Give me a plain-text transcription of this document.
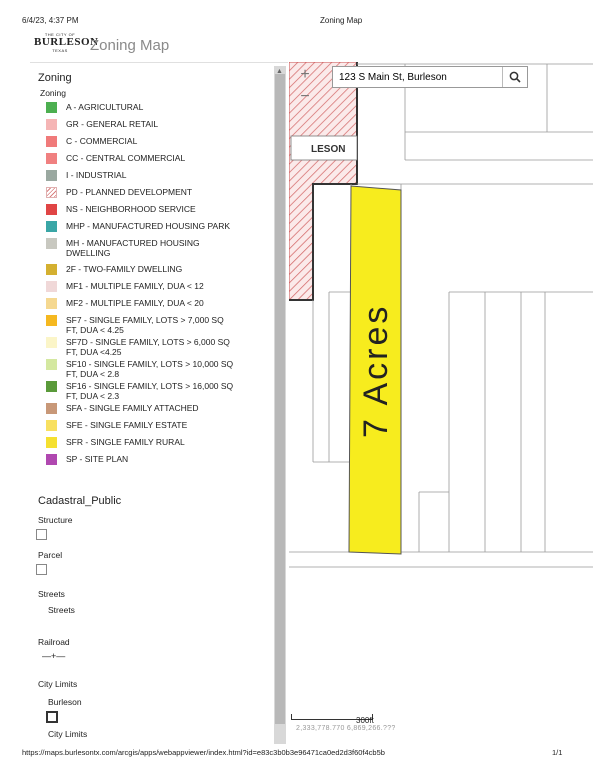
6/4/23, 4:37 PM	Zoning Map
THE CITY OF
BURLESON
TEXAS	Zoning Map
Zoning
Zoning
A - AGRICULTURAL
GR - GENERAL RETAIL
C - COMMERCIAL
CC - CENTRAL COMMERCIAL
I - INDUSTRIAL
PD - PLANNED DEVELOPMENT
NS - NEIGHBORHOOD SERVICE
MHP - MANUFACTURED HOUSING PARK
MH - MANUFACTURED HOUSING DWELLING
2F - TWO-FAMILY DWELLING
MF1 - MULTIPLE FAMILY, DUA < 12
MF2 - MULTIPLE FAMILY, DUA < 20
SF7 - SINGLE FAMILY, LOTS > 7,000 SQ FT, DUA < 4.25
SF7D - SINGLE FAMILY, LOTS > 6,000 SQ FT, DUA <4.25
SF10 - SINGLE FAMILY, LOTS > 10,000 SQ FT, DUA < 2.8
SF16 - SINGLE FAMILY, LOTS > 16,000 SQ FT, DUA < 2.3
SFA - SINGLE FAMILY ATTACHED
SFE - SINGLE FAMILY ESTATE
SFR - SINGLE FAMILY RURAL
SP - SITE PLAN
Cadastral_Public
Structure
Parcel
Streets
Streets
Railroad
—+—
City Limits
Burleson
City Limits
▲
LESON
7 Acres
+
−
123 S Main St, Burleson
300ft
2,333,778.770 6,869,266.???
https://maps.burlesontx.com/arcgis/apps/webappviewer/index.html?id=e83c3b0b3e96471ca0ed2d3f60f4cb5b	1/1
